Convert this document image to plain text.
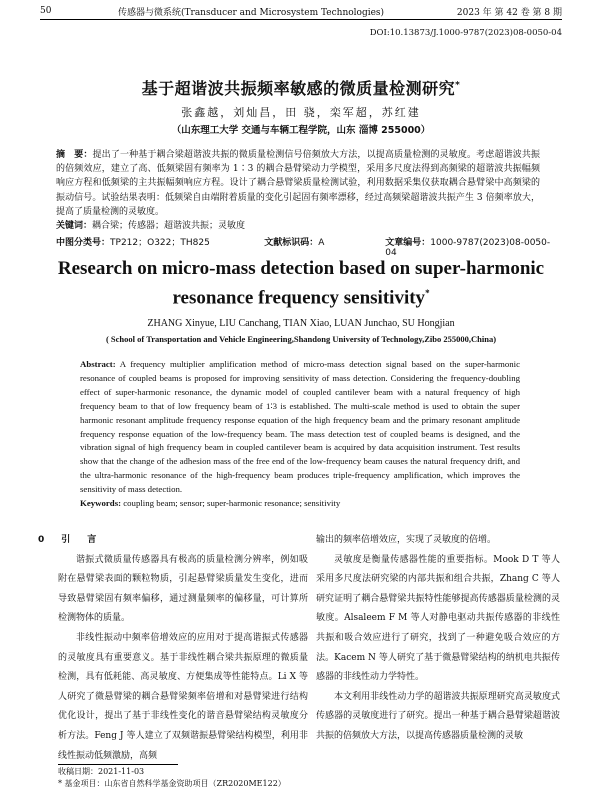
50	传感器与微系统(Transducer and Microsystem Technologies)	2023 年 第 42 卷 第 8 期
DOI:10.13873/J.1000-9787(2023)08-0050-04
基于超谐波共振频率敏感的微质量检测研究*
张鑫越，刘灿昌，田 骁，栾军超，苏红建
（山东理工大学 交通与车辆工程学院，山东 淄博 255000）
摘　要：提出了一种基于耦合梁超谐波共振的微质量检测信号倍频放大方法，以提高质量检测的灵敏度。考虑超谐波共振的倍频效应，建立了高、低频梁固有频率为 1∶3 的耦合悬臂梁动力学模型，采用多尺度法得到高频梁的超谐波共振幅频响应方程和低频梁的主共振幅频响应方程。设计了耦合悬臂梁质量检测试验，利用数据采集仪获取耦合悬臂梁中高频梁的振动信号。试验结果表明：低频梁自由端附着质量的变化引起固有频率漂移，经过高频梁超谐波共振产生 3 倍频率放大，提高了质量检测的灵敏度。
关键词：耦合梁；传感器；超谐波共振；灵敏度
中图分类号：TP212；O322；TH825	文献标识码：A	文章编号：1000-9787(2023)08-0050-04
Research on micro-mass detection based on super-harmonic resonance frequency sensitivity*
ZHANG Xinyue, LIU Canchang, TIAN Xiao, LUAN Junchao, SU Hongjian
( School of Transportation and Vehicle Engineering,Shandong University of Technology,Zibo 255000,China)
Abstract: A frequency multiplier amplification method of micro-mass detection signal based on the super-harmonic resonance of coupled beams is proposed for improving sensitivity of mass detection. Considering the frequency-doubling effect of super-harmonic resonance, the dynamic model of coupled cantilever beam with a natural frequency of high frequency beam to that of low frequency beam of 1∶3 is established. The multi-scale method is used to obtain the super harmonic resonant amplitude frequency response equation of the high frequency beam and the primary resonant amplitude frequency response equation of the low-frequency beam. The mass detection test of coupled beams is designed, and the vibration signal of high frequency beam in coupled cantilever beam is acquired by data acquisition instrument. Test results show that the change of the adhesion mass of the free end of the low-frequency beam causes the natural frequency drift, and the ultra-harmonic resonance of the high-frequency beam produces triple-frequency amplification, which improves the sensitivity of mass detection.
Keywords: coupling beam; sensor; super-harmonic resonance; sensitivity
0　引　言

谐振式微质量传感器具有极高的质量检测分辨率，例如吸附在悬臂梁表面的颗粒物质，引起悬臂梁质量发生变化，进而导致悬臂梁固有频率偏移，通过测量频率的偏移量，可计算所检测物体的质量。

非线性振动中频率倍增效应的应用对于提高谐振式传感器的灵敏度具有重要意义。基于非线性耦合梁共振原理的微质量检测，具有低耗能、高灵敏度、方便集成等性能特点。Li X 等人研究了微悬臂梁的耦合悬臂梁频率倍增和对悬臂梁进行结构优化设计，提出了基于非线性变化的谐音悬臂梁结构灵敏度分析方法。Feng J 等人建立了双频谐振悬臂梁结构模型，利用非线性振动低频激励，高频

输出的频率倍增效应，实现了灵敏度的倍增。

灵敏度是衡量传感器性能的重要指标。Mook D T 等人采用多尺度法研究梁的内部共振和组合共振，Zhang C 等人研究证明了耦合悬臂梁共振特性能够提高传感器质量检测的灵敏度。Alsaleem F M 等人对静电驱动共振传感器的非线性共振和吸合效应进行了研究，找到了一种避免吸合效应的方法。Kacem N 等人研究了基于微悬臂梁结构的纳机电共振传感器的非线性动力学特性。

本文利用非线性动力学的超谐波共振原理研究高灵敏度式传感器的灵敏度进行了研究。提出一种基于耦合悬臂梁超谐波共振的倍频放大方法，以提高传感器质量检测的灵敏

收稿日期：2021-11-03
* 基金项目：山东省自然科学基金资助项目（ZR2020ME122）
